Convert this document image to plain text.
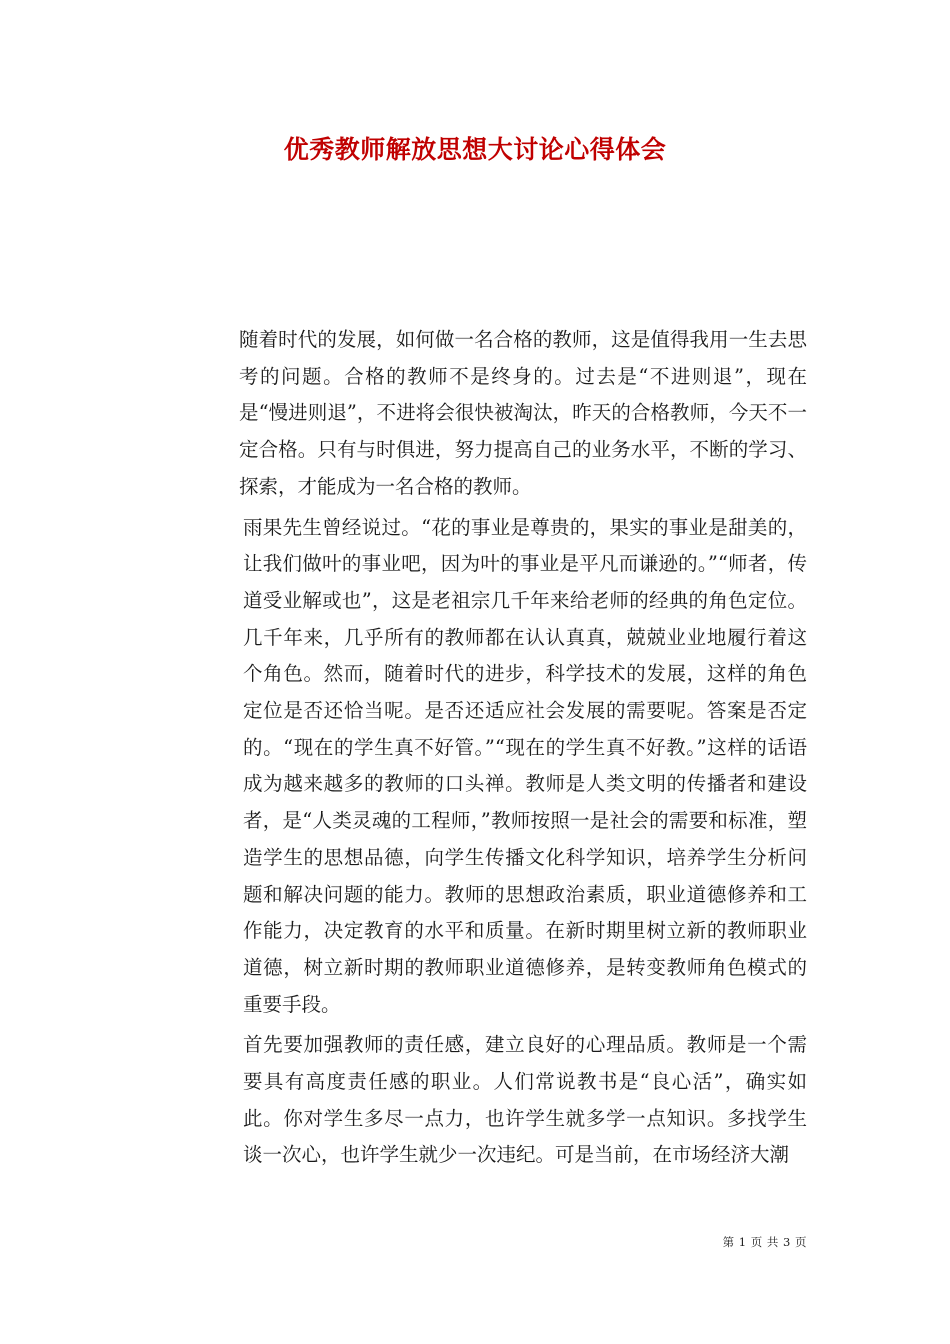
优秀教师解放思想大讨论心得体会

随着时代的发展，如何做一名合格的教师，这是值得我用一生去思考的问题。合格的教师不是终身的。过去是“不进则退”，现在是“慢进则退”，不进将会很快被淘汰，昨天的合格教师，今天不一定合格。只有与时俱进，努力提高自己的业务水平，不断的学习、探索，才能成为一名合格的教师。

雨果先生曾经说过。“花的事业是尊贵的，果实的事业是甜美的，让我们做叶的事业吧，因为叶的事业是平凡而谦逊的。”“师者，传道受业解或也”，这是老祖宗几千年来给老师的经典的角色定位。几千年来，几乎所有的教师都在认认真真，兢兢业业地履行着这个角色。然而，随着时代的进步，科学技术的发展，这样的角色定位是否还恰当呢。是否还适应社会发展的需要呢。答案是否定的。“现在的学生真不好管。”“现在的学生真不好教。”这样的话语成为越来越多的教师的口头禅。教师是人类文明的传播者和建设者，是“人类灵魂的工程师，”教师按照一是社会的需要和标准，塑造学生的思想品德，向学生传播文化科学知识，培养学生分析问题和解决问题的能力。教师的思想政治素质，职业道德修养和工作能力，决定教育的水平和质量。在新时期里树立新的教师职业道德，树立新时期的教师职业道德修养，是转变教师角色模式的重要手段。

首先要加强教师的责任感，建立良好的心理品质。教师是一个需要具有高度责任感的职业。人们常说教书是“良心活”，确实如此。你对学生多尽一点力，也许学生就多学一点知识。多找学生谈一次心，也许学生就少一次违纪。可是当前，在市场经济大潮

第 1 页 共 3 页
